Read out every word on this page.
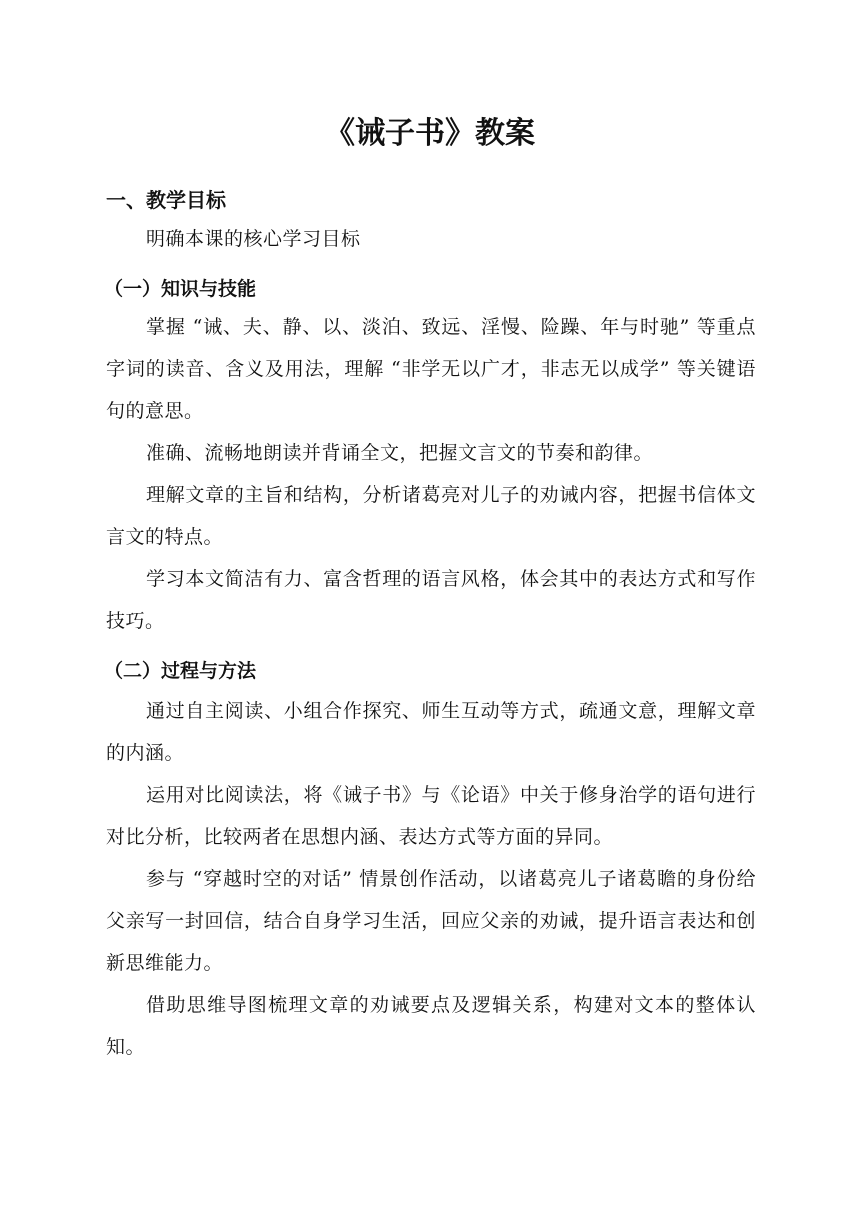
《诫子书》教案
一、教学目标

明确本课的核心学习目标

（一）知识与技能

掌握 “诫、夫、静、以、淡泊、致远、淫慢、险躁、年与时驰” 等重点字词的读音、含义及用法，理解 “非学无以广才，非志无以成学” 等关键语句的意思。

准确、流畅地朗读并背诵全文，把握文言文的节奏和韵律。

理解文章的主旨和结构，分析诸葛亮对儿子的劝诫内容，把握书信体文言文的特点。

学习本文简洁有力、富含哲理的语言风格，体会其中的表达方式和写作技巧。

（二）过程与方法

通过自主阅读、小组合作探究、师生互动等方式，疏通文意，理解文章的内涵。

运用对比阅读法，将《诫子书》与《论语》中关于修身治学的语句进行对比分析，比较两者在思想内涵、表达方式等方面的异同。

参与 “穿越时空的对话” 情景创作活动，以诸葛亮儿子诸葛瞻的身份给父亲写一封回信，结合自身学习生活，回应父亲的劝诫，提升语言表达和创新思维能力。

借助思维导图梳理文章的劝诫要点及逻辑关系，构建对文本的整体认知。
